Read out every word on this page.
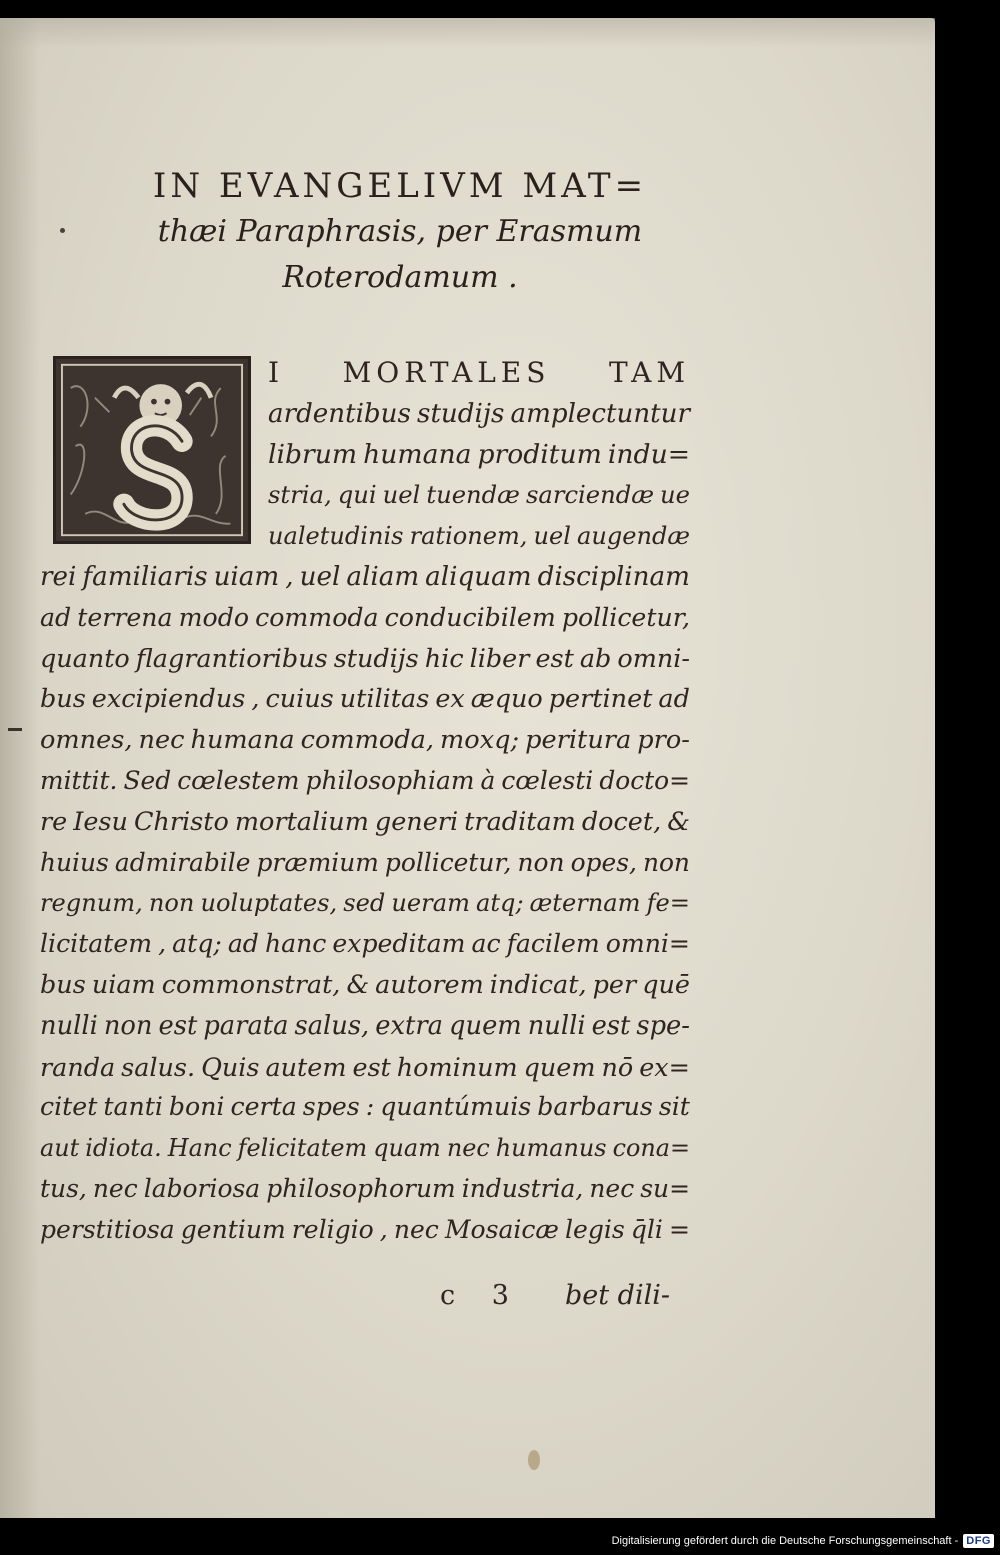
IN EVANGELIVM MAT=
thæi Paraphrasis, per Erasmum
Roterodamum .
I MORTALES TAM
ardentibus studijs amplectuntur
librum humana proditum indu=
stria, qui uel tuendæ sarciendæ ue
ualetudinis rationem, uel augendæ
rei familiaris uiam , uel aliam aliquam disciplinam
ad terrena modo commoda conducibilem pollicetur,
quanto flagrantioribus studijs hic liber est ab omni-
bus excipiendus , cuius utilitas ex æquo pertinet ad
omnes, nec humana commoda, moxq; peritura pro-
mittit. Sed cœlestem philosophiam à cœlesti docto=
re Iesu Christo mortalium generi traditam docet, &
huius admirabile præmium pollicetur, non opes, non
regnum, non uoluptates, sed ueram atq; æternam fe=
licitatem , atq; ad hanc expeditam ac facilem omni=
bus uiam commonstrat, & autorem indicat, per quē
nulli non est parata salus, extra quem nulli est spe-
randa salus. Quis autem est hominum quem nō ex=
citet tanti boni certa spes : quantúmuis barbarus sit
aut idiota. Hanc felicitatem quam nec humanus cona=
tus, nec laboriosa philosophorum industria, nec su=
perstitiosa gentium religio , nec Mosaicæ legis q̄li =
c 3 bet dili-
Digitalisierung gefördert durch die Deutsche Forschungsgemeinschaft - DFG
